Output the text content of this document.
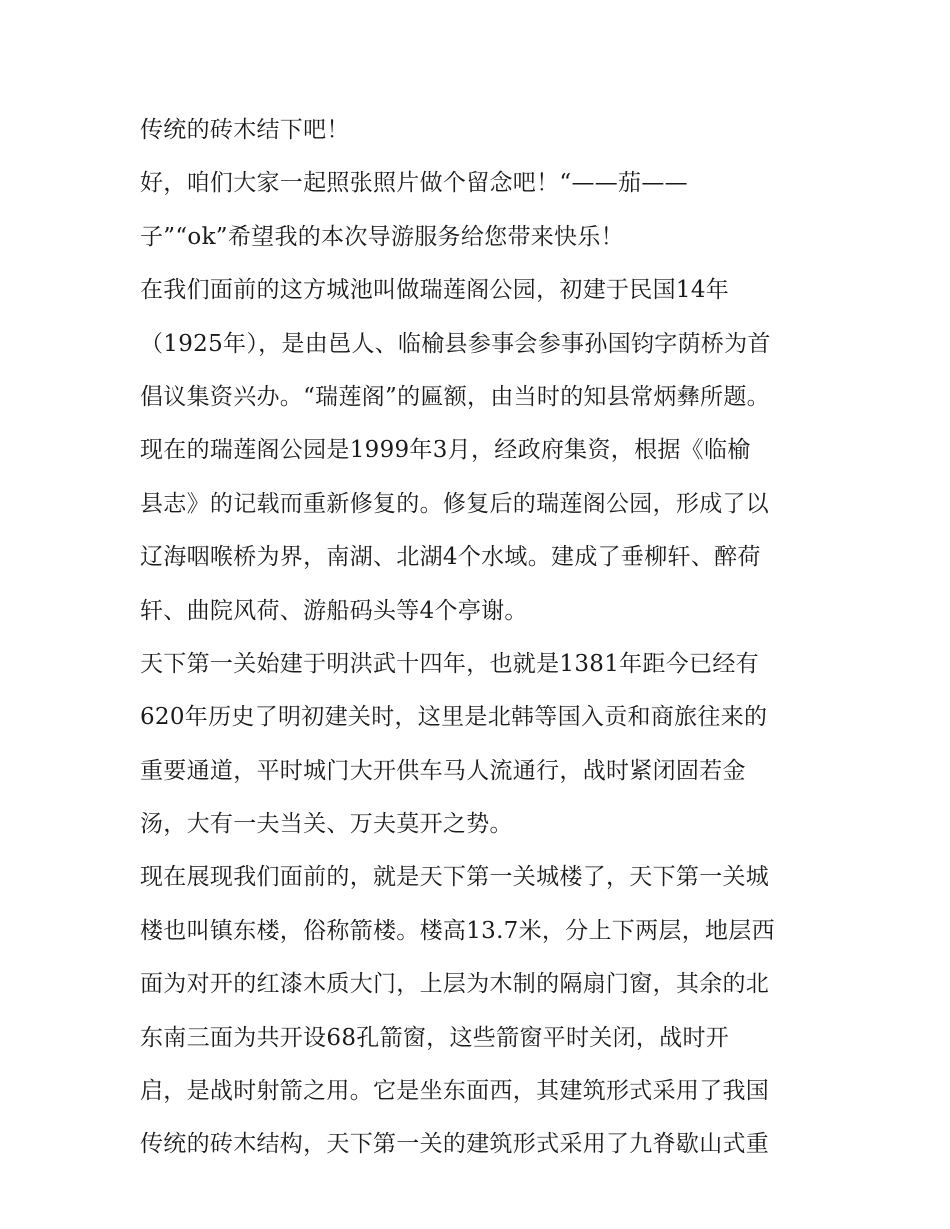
传统的砖木结下吧！
好，咱们大家一起照张照片做个留念吧！“——茄——
子”“ok”希望我的本次导游服务给您带来快乐！
在我们面前的这方城池叫做瑞莲阁公园，初建于民国14年
（1925年），是由邑人、临榆县参事会参事孙国钧字荫桥为首
倡议集资兴办。“瑞莲阁”的匾额，由当时的知县常炳彝所题。
现在的瑞莲阁公园是1999年3月，经政府集资，根据《临榆
县志》的记载而重新修复的。修复后的瑞莲阁公园，形成了以
辽海咽喉桥为界，南湖、北湖4个水域。建成了垂柳轩、醉荷
轩、曲院风荷、游船码头等4个亭谢。
天下第一关始建于明洪武十四年，也就是1381年距今已经有
620年历史了明初建关时，这里是北韩等国入贡和商旅往来的
重要通道，平时城门大开供车马人流通行，战时紧闭固若金
汤，大有一夫当关、万夫莫开之势。
现在展现我们面前的，就是天下第一关城楼了，天下第一关城
楼也叫镇东楼，俗称箭楼。楼高13.7米，分上下两层，地层西
面为对开的红漆木质大门，上层为木制的隔扇门窗，其余的北
东南三面为共开设68孔箭窗，这些箭窗平时关闭，战时开
启，是战时射箭之用。它是坐东面西，其建筑形式采用了我国
传统的砖木结构，天下第一关的建筑形式采用了九脊歇山式重
